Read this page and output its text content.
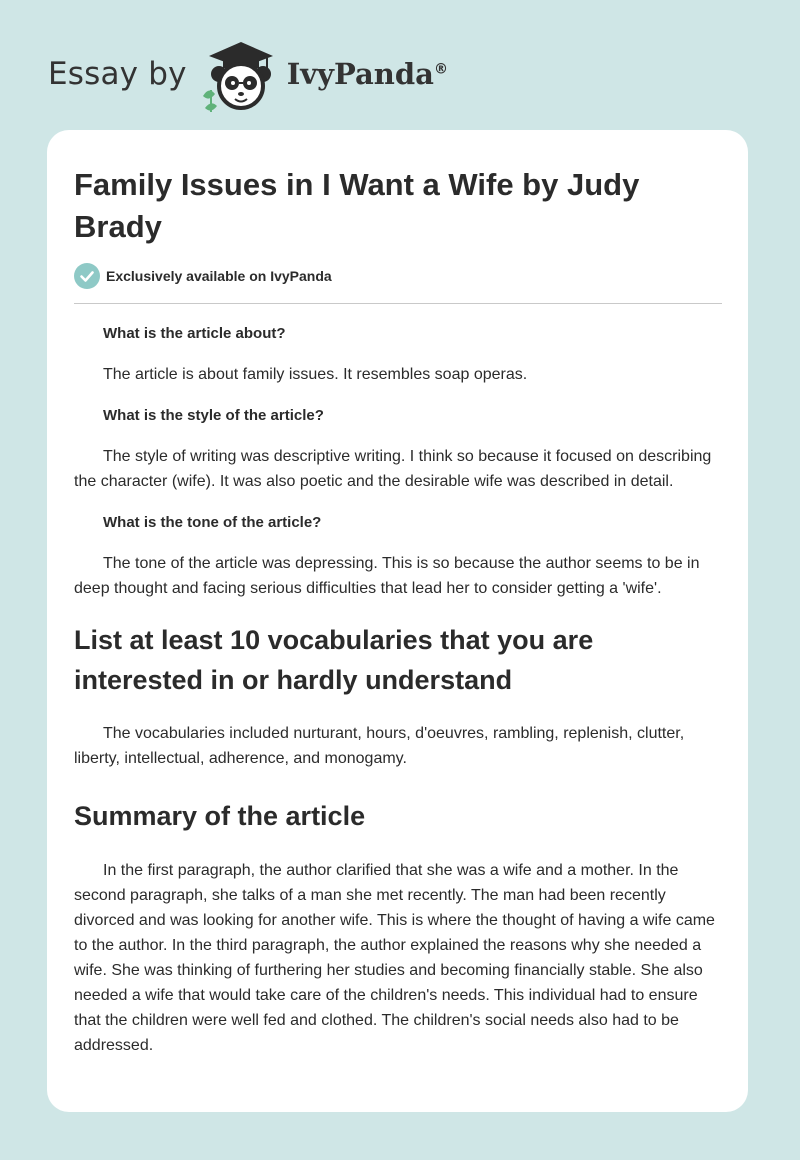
Essay by	IvyPanda®
Family Issues in I Want a Wife by Judy Brady
Exclusively available on IvyPanda

What is the article about?

The article is about family issues. It resembles soap operas.

What is the style of the article?

The style of writing was descriptive writing. I think so because it focused on describing the character (wife). It was also poetic and the desirable wife was described in detail.

What is the tone of the article?

The tone of the article was depressing. This is so because the author seems to be in deep thought and facing serious difficulties that lead her to consider getting a 'wife'.

List at least 10 vocabularies that you are interested in or hardly understand

The vocabularies included nurturant, hours, d'oeuvres, rambling, replenish, clutter, liberty, intellectual, adherence, and monogamy.

Summary of the article

In the first paragraph, the author clarified that she was a wife and a mother. In the second paragraph, she talks of a man she met recently. The man had been recently divorced and was looking for another wife. This is where the thought of having a wife came to the author. In the third paragraph, the author explained the reasons why she needed a wife. She was thinking of furthering her studies and becoming financially stable. She also needed a wife that would take care of the children's needs. This individual had to ensure that the children were well fed and clothed. The children's social needs also had to be addressed.
